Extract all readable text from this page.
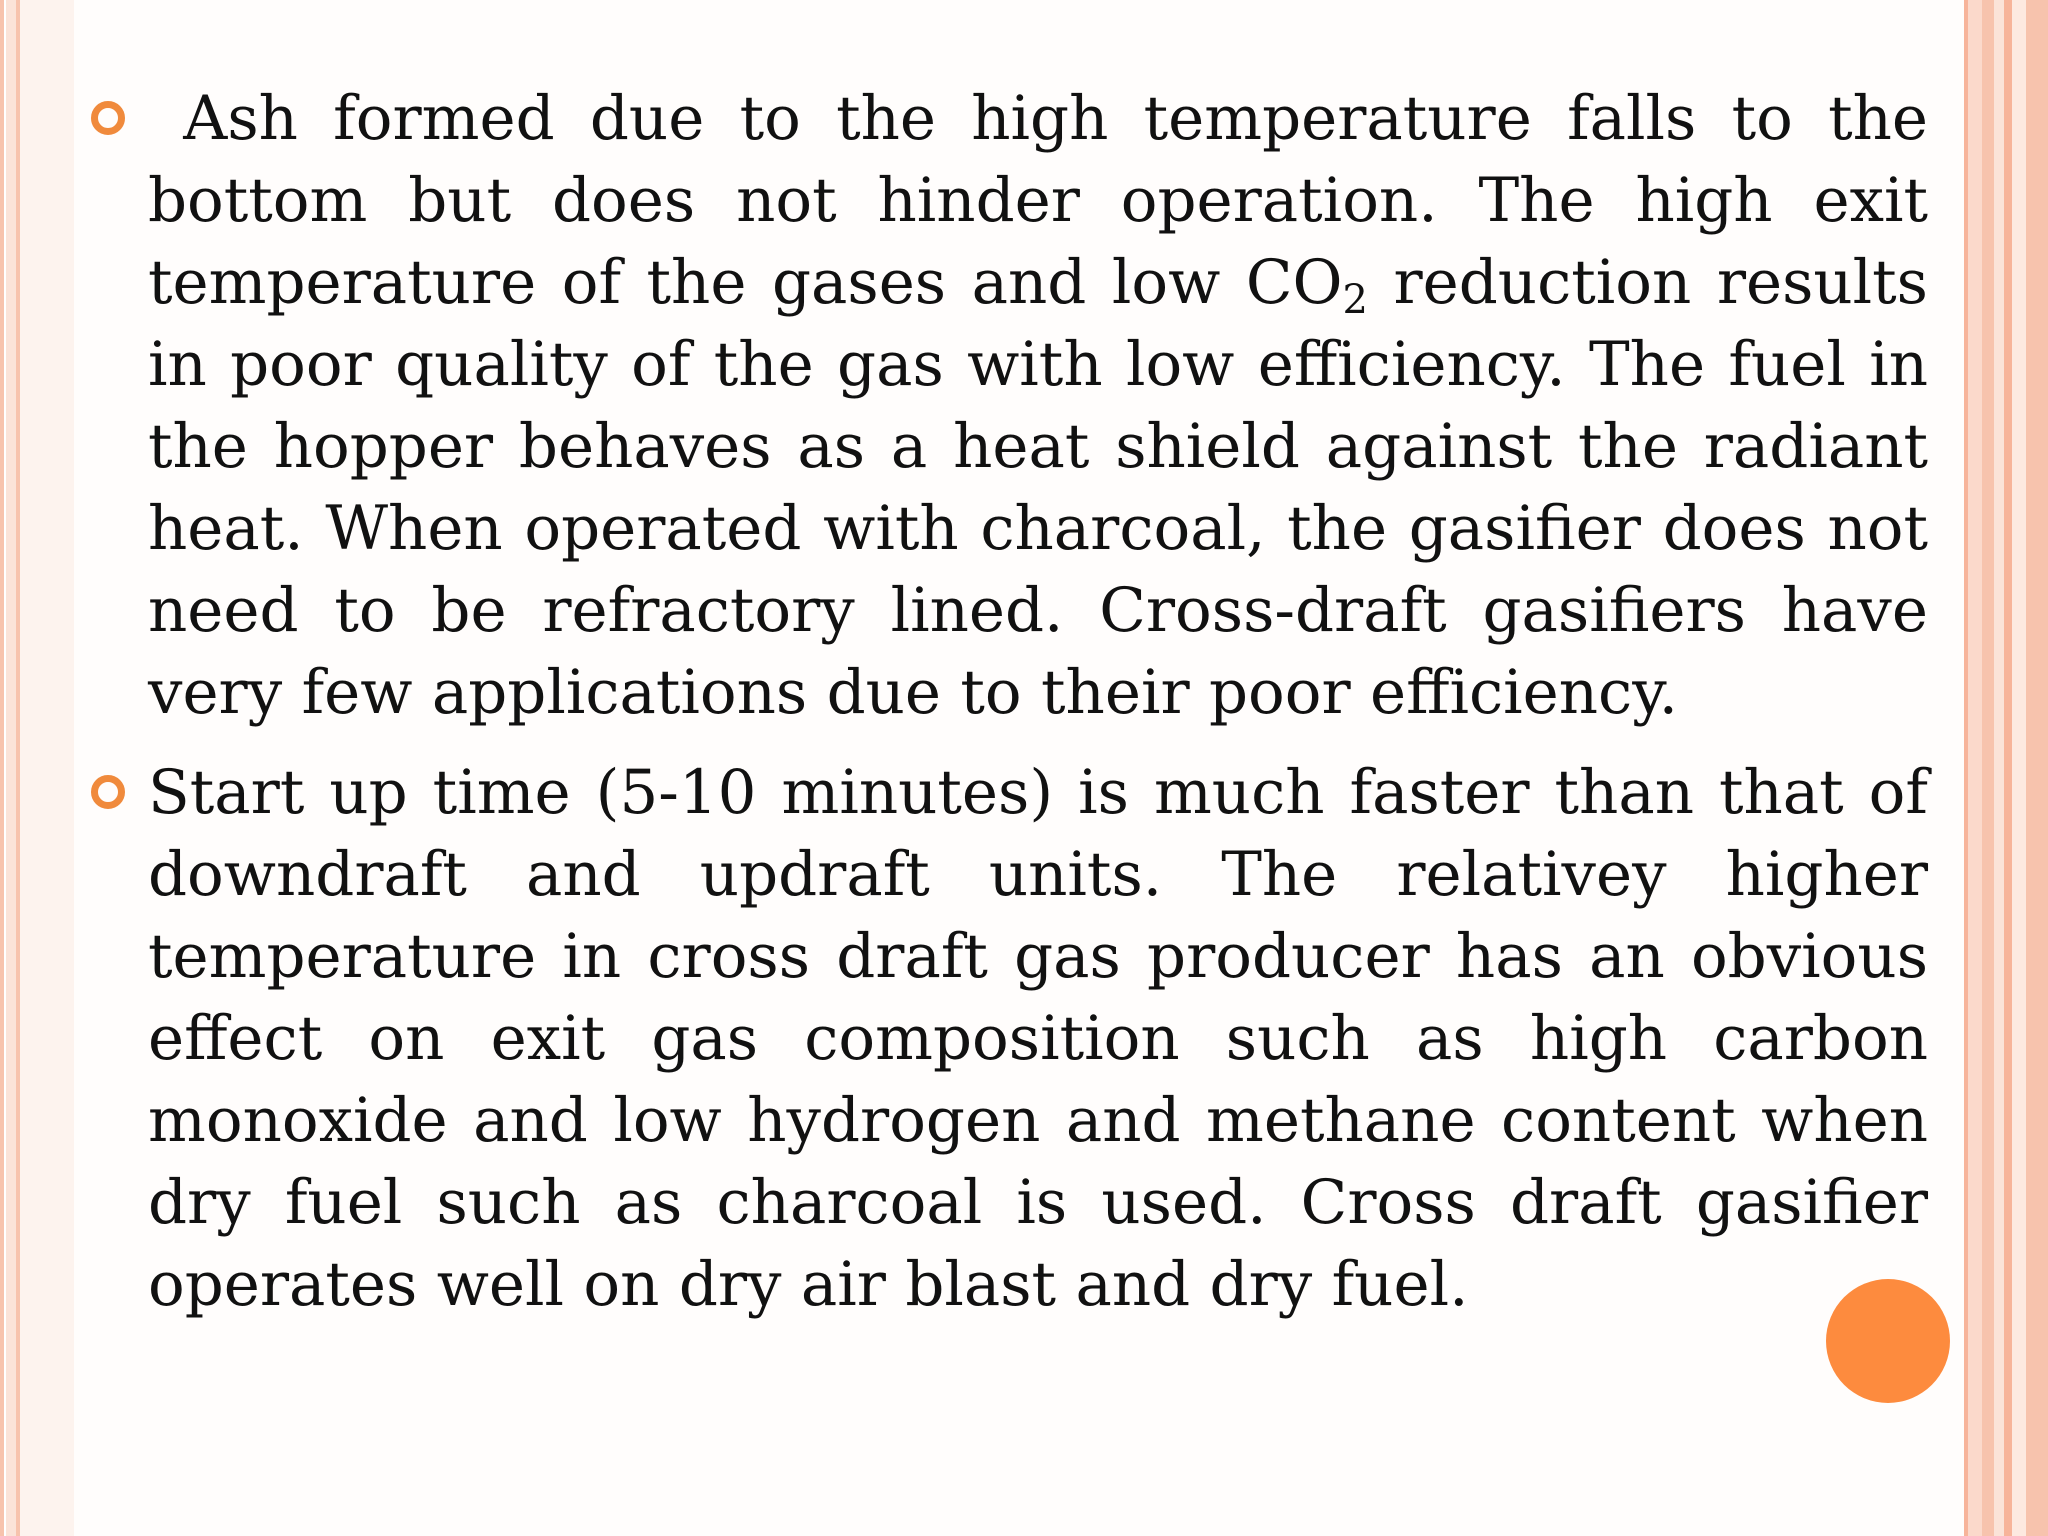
Ash formed due to the high temperature falls to the bottom but does not hinder operation. The high exit temperature of the gases and low $CO_2$ reduction results in poor quality of the gas with low efficiency. The fuel in the hopper behaves as a heat shield against the radiant heat. When operated with charcoal, the gasifier does not need to be refractory lined. Cross-draft gasifiers have very few applications due to their poor efficiency.
Start up time (5-10 minutes) is much faster than that of downdraft and updraft units. The relativey higher temperature in cross draft gas producer has an obvious effect on exit gas composition such as high carbon monoxide and low hydrogen and methane content when dry fuel such as charcoal is used. Cross draft gasifier operates well on dry air blast and dry fuel.
